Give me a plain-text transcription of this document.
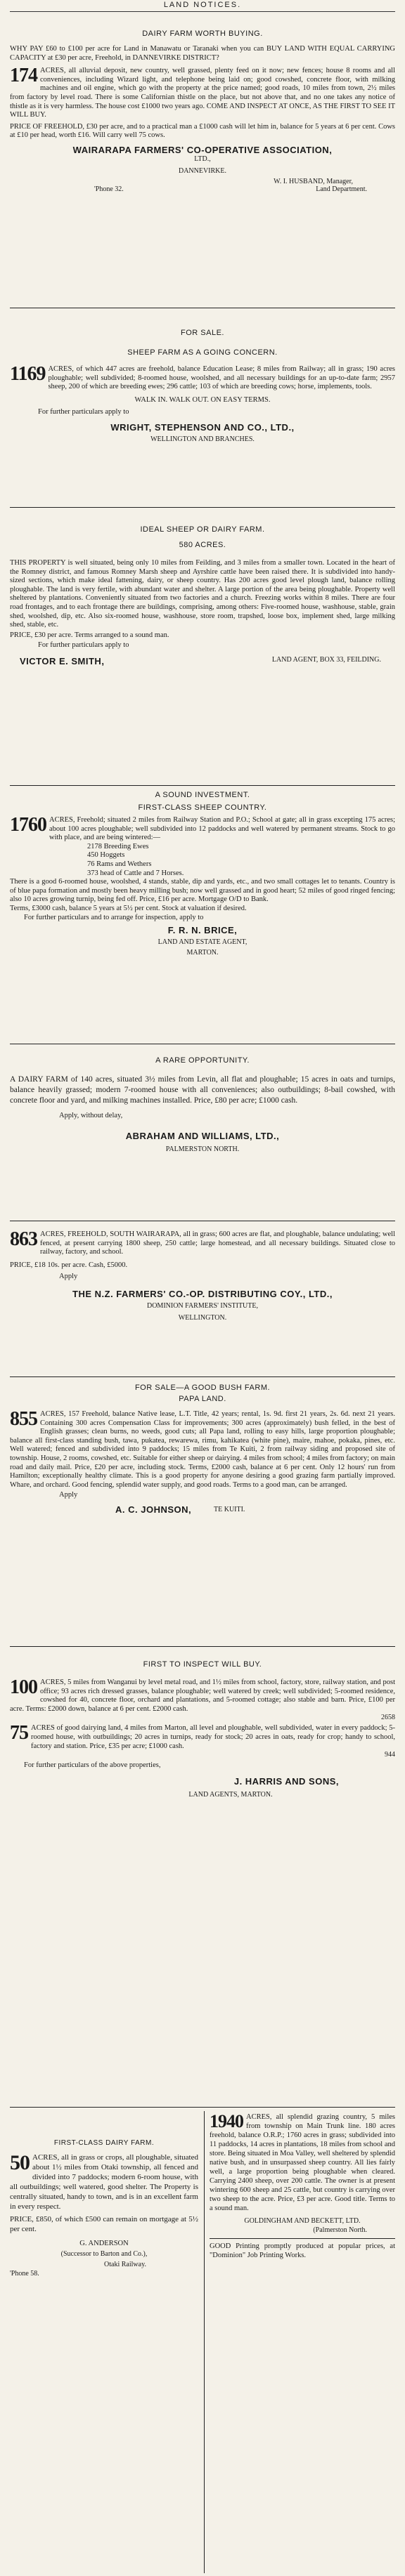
LAND NOTICES.
DAIRY FARM WORTH BUYING.

WHY PAY £60 to £100 per acre for Land in Manawatu or Taranaki when you can BUY LAND WITH EQUAL CARRYING CAPACITY at £30 per acre, Freehold, in DANNEVIRKE DISTRICT?

174 ACRES, all alluvial deposit, new country, well grassed, plenty feed on it now; new fences; house 8 rooms and all conveniences, including Wizard light, and telephone being laid on; good cowshed, concrete floor, with milking machines and oil engine, which go with the property at the price named; good roads, 10 miles from town, 2½ miles from factory by level road. There is some Californian thistle on the place, but not above that, and no one takes any notice of thistle as it is very harmless. The house cost £1000 two years ago. COME AND INSPECT AT ONCE, AS THE FIRST TO SEE IT WILL BUY.

PRICE OF FREEHOLD, £30 per acre, and to a practical man a £1000 cash will let him in, balance for 5 years at 6 per cent. Cows at £10 per head, worth £16. Will carry well 75 cows.

WAIRARAPA FARMERS' CO-OPERATIVE ASSOCIATION,
LTD.,
DANNEVIRKE.
W. I. HUSBAND, Manager,
'Phone 32.	Land Department.
FOR SALE.
SHEEP FARM AS A GOING CONCERN.

1169 ACRES, of which 447 acres are freehold, balance Education Lease; 8 miles from Railway; all in grass; 190 acres ploughable; well subdivided; 8-roomed house, woolshed, and all necessary buildings for an up-to-date farm; 2957 sheep, 200 of which are breeding ewes; 296 cattle; 103 of which are breeding cows; horse, implements, tools.

WALK IN. WALK OUT. ON EASY TERMS.

For further particulars apply to

WRIGHT, STEPHENSON AND CO., LTD.,
WELLINGTON AND BRANCHES.
IDEAL SHEEP OR DAIRY FARM.
580 ACRES.

THIS PROPERTY is well situated, being only 10 miles from Feilding, and 3 miles from a smaller town. Located in the heart of the Romney district, and famous Romney Marsh sheep and Ayrshire cattle have been raised there. It is subdivided into handy-sized sections, which make ideal fattening, dairy, or sheep country. Has 200 acres good level plough land, balance rolling ploughable. The land is very fertile, with abundant water and shelter. A large portion of the area being ploughable. Property well sheltered by plantations. Conveniently situated from two factories and a church. Freezing works within 8 miles. There are four road frontages, and to each frontage there are buildings, comprising, among others: Five-roomed house, washhouse, stable, grain shed, woolshed, dip, etc. Also six-roomed house, washhouse, store room, trapshed, loose box, implement shed, large milking shed, stable, etc.

PRICE, £30 per acre. Terms arranged to a sound man.

For further particulars apply to

VICTOR E. SMITH,	LAND AGENT, BOX 33, FEILDING.
A SOUND INVESTMENT.
FIRST-CLASS SHEEP COUNTRY.

1760 ACRES, Freehold; situated 2 miles from Railway Station and P.O.; School at gate; all in grass excepting 175 acres; about 100 acres ploughable; well subdivided into 12 paddocks and well watered by permanent streams. Stock to go with place, and are being wintered:—

2178 Breeding Ewes
450 Hoggets
76 Rams and Wethers
373 head of Cattle and 7 Horses.

There is a good 6-roomed house, woolshed, 4 stands, stable, dip and yards, etc., and two small cottages let to tenants. Country is of blue papa formation and mostly been heavy milling bush; now well grassed and in good heart; 52 miles of good ringed fencing; also 10 acres growing turnip, being fed off. Price, £16 per acre. Mortgage O/D to Bank.

Terms, £3000 cash, balance 5 years at 5½ per cent. Stock at valuation if desired.

For further particulars and to arrange for inspection, apply to

F. R. N. BRICE,
LAND AND ESTATE AGENT,
MARTON.
A RARE OPPORTUNITY.

A DAIRY FARM of 140 acres, situated 3½ miles from Levin, all flat and ploughable; 15 acres in oats and turnips, balance heavily grassed; modern 7-roomed house with all conveniences; also outbuildings; 8-bail cowshed, with concrete floor and yard, and milking machines installed. Price, £80 per acre; £1000 cash.

Apply, without delay,

ABRAHAM AND WILLIAMS, LTD.,
PALMERSTON NORTH.

863 ACRES, FREEHOLD, SOUTH WAIRARAPA, all in grass; 600 acres are flat, and ploughable, balance undulating; well fenced, at present carrying 1800 sheep, 250 cattle; large homestead, and all necessary buildings. Situated close to railway, factory, and school.

PRICE, £18 10s. per acre. Cash, £5000.

Apply

THE N.Z. FARMERS' CO.-OP. DISTRIBUTING COY., LTD.,
DOMINION FARMERS' INSTITUTE,
WELLINGTON.
FOR SALE—A GOOD BUSH FARM.
PAPA LAND.

855 ACRES, 157 Freehold, balance Native lease, L.T. Title, 42 years; rental, 1s. 9d. first 21 years, 2s. 6d. next 21 years. Containing 300 acres Compensation Class for improvements; 300 acres (approximately) bush felled, in the best of English grasses; clean burns, no weeds, good cuts; all Papa land, rolling to easy hills, large proportion ploughable; balance all first-class standing bush, tawa, pukatea, rewarewa, rimu, kahikatea (white pine), maire, mahoe, pokaka, pines, etc. Well watered; fenced and subdivided into 9 paddocks; 15 miles from Te Kuiti, 2 from railway siding and proposed site of township. House, 2 rooms, cowshed, etc. Suitable for either sheep or dairying. 4 miles from school; 4 miles from factory; on main road and daily mail. Price, £20 per acre, including stock. Terms, £2000 cash, balance at 6 per cent. Only 12 hours' run from Hamilton; exceptionally healthy climate. This is a good property for anyone desiring a good grazing farm partially improved. Whare, and orchard. Good fencing, splendid water supply, and good roads. Terms to a good man, can be arranged.

Apply

A. C. JOHNSON,	TE KUITI.
FIRST TO INSPECT WILL BUY.

100 ACRES, 5 miles from Wanganui by level metal road, and 1½ miles from school, factory, store, railway station, and post office; 93 acres rich dressed grasses, balance ploughable; well watered by creek; well subdivided; 5-roomed residence, cowshed for 40, concrete floor, orchard and plantations, and 5-roomed cottage; also stable and barn. Price, £100 per acre. Terms: £2000 down, balance at 6 per cent. £2000 cash.

2658

75 ACRES of good dairying land, 4 miles from Marton, all level and ploughable, well subdivided, water in every paddock; 5-roomed house, with outbuildings; 20 acres in turnips, ready for stock; 20 acres in oats, ready for crop; handy to school, factory and station. Price, £35 per acre; £1000 cash.

944

For further particulars of the above properties,

J. HARRIS AND SONS,
LAND AGENTS, MARTON.
FIRST-CLASS DAIRY FARM.

50 ACRES, all in grass or crops, all ploughable, situated about 1½ miles from Otaki township, all fenced and divided into 7 paddocks; modern 6-room house, with all outbuildings; well watered, good shelter. The Property is centrally situated, handy to town, and is in an excellent farm in every respect.

PRICE, £850, of which £500 can remain on mortgage at 5½ per cent.

G. ANDERSON
(Successor to Barton and Co.),
Otaki Railway.
'Phone 58.

1940 ACRES, all splendid grazing country, 5 miles from township on Main Trunk line. 180 acres freehold, balance O.R.P.; 1760 acres in grass; subdivided into 11 paddocks, 14 acres in plantations, 18 miles from school and store. Being situated in Moa Valley, well sheltered by splendid native bush, and in unsurpassed sheep country. All lies fairly well, a large proportion being ploughable when cleared. Carrying 2400 sheep, over 200 cattle. The owner is at present wintering 600 sheep and 25 cattle, but country is carrying over two sheep to the acre. Price, £3 per acre. Good title. Terms to a sound man.

GOLDINGHAM AND BECKETT, LTD.
(Palmerston North.

GOOD Printing promptly produced at popular prices, at "Dominion" Job Printing Works.
